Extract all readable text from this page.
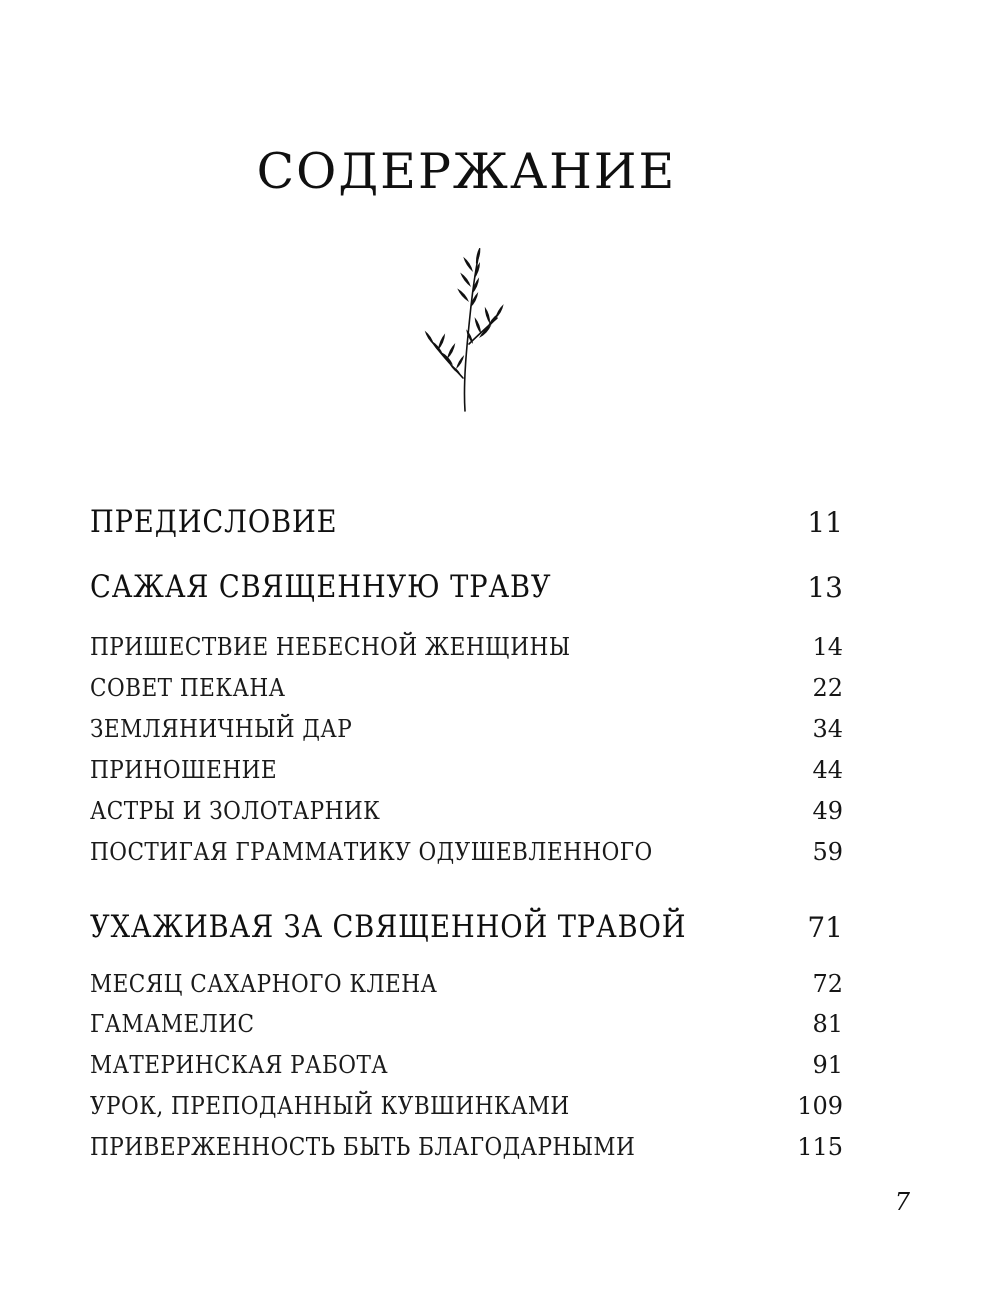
СОДЕРЖАНИЕ
ПРЕДИСЛОВИЕ	11
САЖАЯ СВЯЩЕННУЮ ТРАВУ	13
ПРИШЕСТВИЕ НЕБЕСНОЙ ЖЕНЩИНЫ	14
СОВЕТ ПЕКАНА	22
ЗЕМЛЯНИЧНЫЙ ДАР	34
ПРИНОШЕНИЕ	44
АСТРЫ И ЗОЛОТАРНИК	49
ПОСТИГАЯ ГРАММАТИКУ ОДУШЕВЛЕННОГО	59
УХАЖИВАЯ ЗА СВЯЩЕННОЙ ТРАВОЙ	71
МЕСЯЦ САХАРНОГО КЛЕНА	72
ГАМАМЕЛИС	81
МАТЕРИНСКАЯ РАБОТА	91
УРОК, ПРЕПОДАННЫЙ КУВШИНКАМИ	109
ПРИВЕРЖЕННОСТЬ БЫТЬ БЛАГОДАРНЫМИ	115
7
